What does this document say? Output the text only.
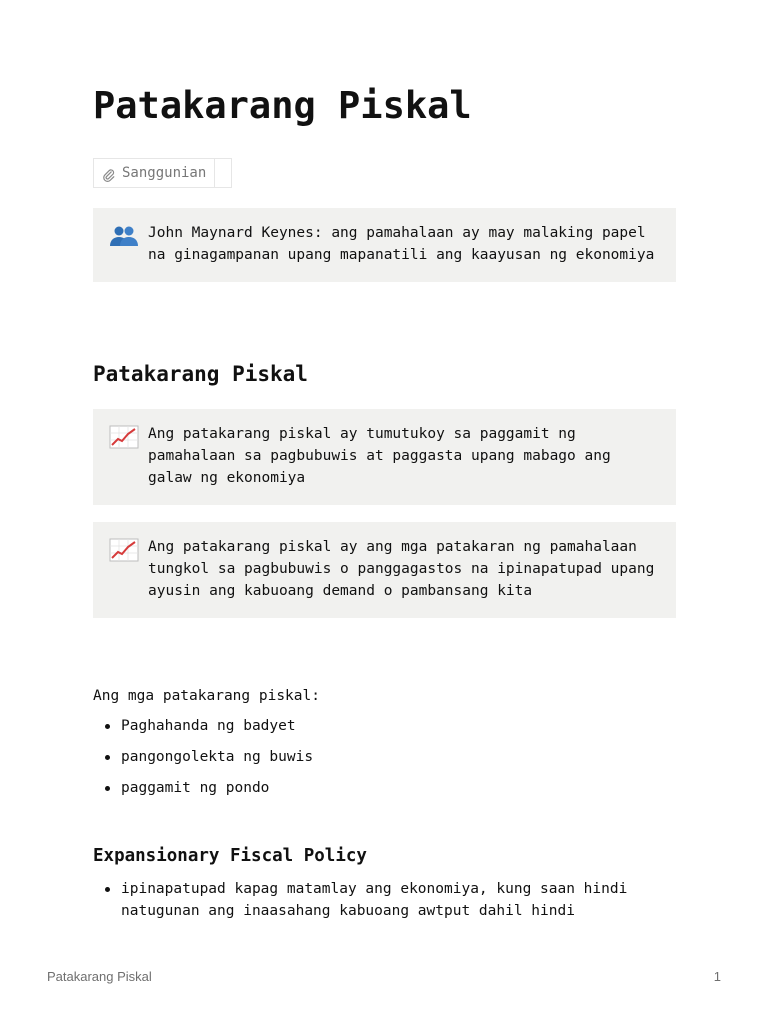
Patakarang Piskal
Sanggunian
John Maynard Keynes: ang pamahalaan ay may malaking papel na ginagampanan upang mapanatili ang kaayusan ng ekonomiya
Patakarang Piskal
Ang patakarang piskal ay tumutukoy sa paggamit ng pamahalaan sa pagbubuwis at paggasta upang mabago ang galaw ng ekonomiya
Ang patakarang piskal ay ang mga patakaran ng pamahalaan tungkol sa pagbubuwis o panggagastos na ipinapatupad upang ayusin ang kabuoang demand o pambansang kita

Ang mga patakarang piskal:

Paghahanda ng badyet
pangongolekta ng buwis
paggamit ng pondo
Expansionary Fiscal Policy
ipinapatupad kapag matamlay ang ekonomiya, kung saan hindi natugunan ang inaasahang kabuoang awtput dahil hindi
Patakarang Piskal	1
